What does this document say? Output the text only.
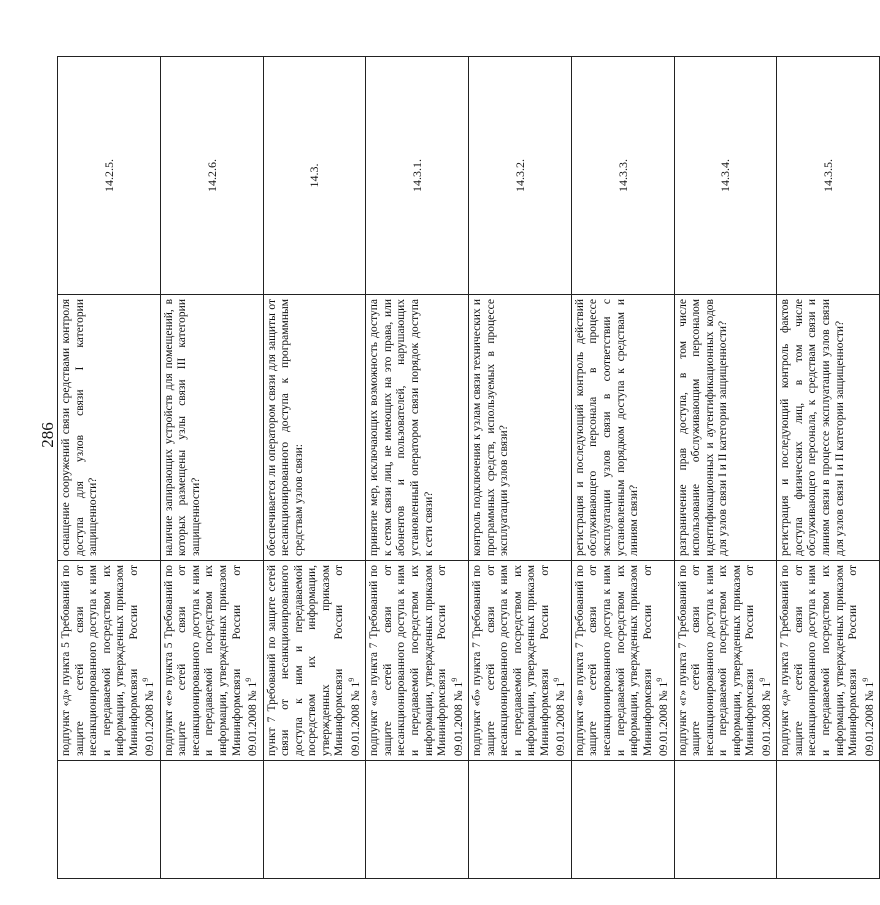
286
	подпункт «д» пункта 5 Требований по защите сетей связи от несанкционированного доступа к ним и передаваемой посредством их информации, утвержденных приказом Мининформсвязи России от 09.01.2008 № $1^9$	оснащение сооружений связи средствами контроля доступа для узлов связи I категории защищенности?	14.2.5.
	подпункт «е» пункта 5 Требований по защите сетей связи от несанкционированного доступа к ним и передаваемой посредством их информации, утвержденных приказом Мининформсвязи России от 09.01.2008 № $1^9$	наличие запирающих устройств для помещений, в которых размещены узлы связи III категории защищенности?	14.2.6.
	пункт 7 Требований по защите сетей связи от несанкционированного доступа к ним и передаваемой посредством их информации, утвержденных приказом Мининформсвязи России от 09.01.2008 № $1^9$	обеспечивается ли оператором связи для защиты от несанкционированного доступа к программным средствам узлов связи:	14.3.
	подпункт «а» пункта 7 Требований по защите сетей связи от несанкционированного доступа к ним и передаваемой посредством их информации, утвержденных приказом Мининформсвязи России от 09.01.2008 № $1^9$	принятие мер, исключающих возможность доступа к сетям связи лиц, не имеющих на это права, или абонентов и пользователей, нарушающих установленный оператором связи порядок доступа к сети связи?	14.3.1.
	подпункт «б» пункта 7 Требований по защите сетей связи от несанкционированного доступа к ним и передаваемой посредством их информации, утвержденных приказом Мининформсвязи России от 09.01.2008 № $1^9$	контроль подключения к узлам связи технических и программных средств, используемых в процессе эксплуатации узлов связи?	14.3.2.
	подпункт «в» пункта 7 Требований по защите сетей связи от несанкционированного доступа к ним и передаваемой посредством их информации, утвержденных приказом Мининформсвязи России от 09.01.2008 № $1^9$	регистрация и последующий контроль действий обслуживающего персонала в процессе эксплуатации узлов связи в соответствии с установленным порядком доступа к средствам и линиям связи?	14.3.3.
	подпункт «г» пункта 7 Требований по защите сетей связи от несанкционированного доступа к ним и передаваемой посредством их информации, утвержденных приказом Мининформсвязи России от 09.01.2008 № $1^9$	разграничение прав доступа, в том числе использование обслуживающим персоналом идентификационных и аутентификационных кодов для узлов связи I и II категории защищенности?	14.3.4.
	подпункт «д» пункта 7 Требований по защите сетей связи от несанкционированного доступа к ним и передаваемой посредством их информации, утвержденных приказом Мининформсвязи России от 09.01.2008 № $1^9$	регистрация и последующий контроль фактов доступа физических лиц, в том числе обслуживающего персонала, к средствам связи и линиям связи в процессе эксплуатации узлов связи для узлов связи I и II категории защищенности?	14.3.5.
